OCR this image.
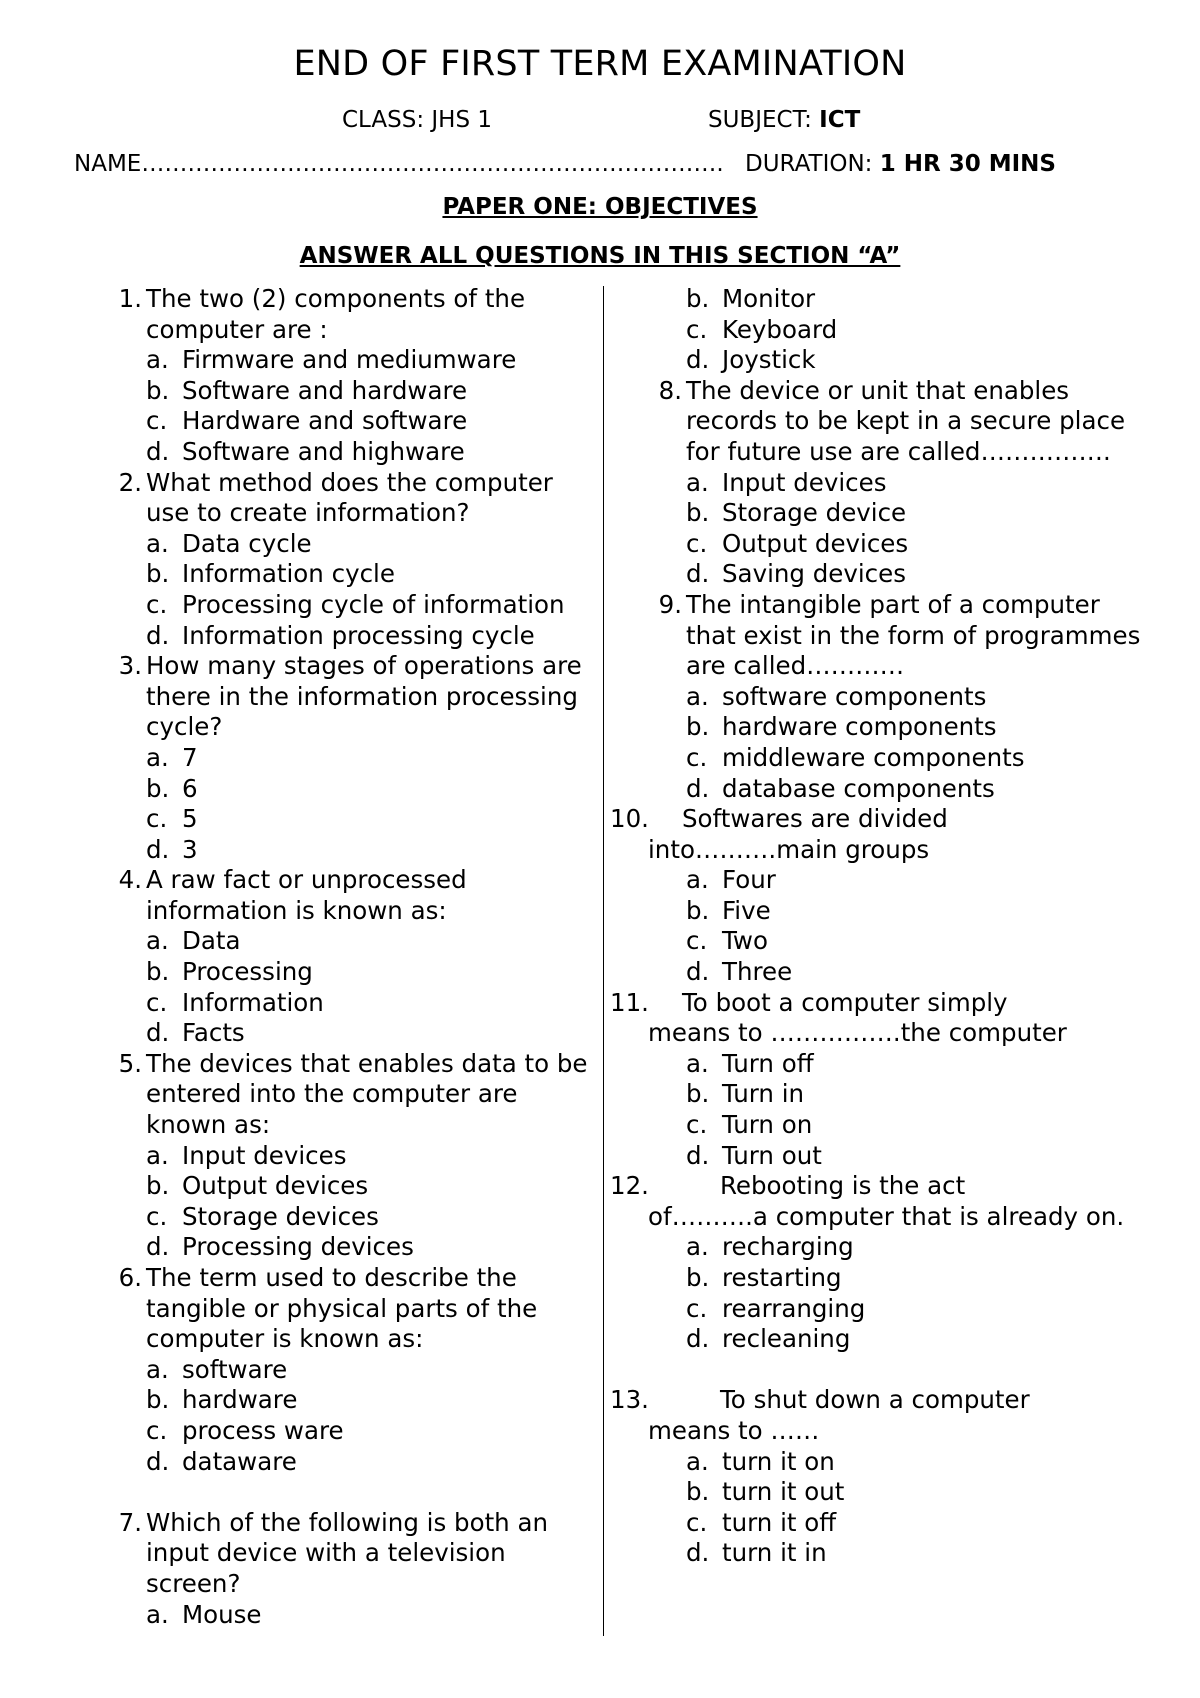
END OF FIRST TERM EXAMINATION
CLASS: JHS 1	SUBJECT: ICT
NAME…………………………………………………………………. DURATION: 1 HR 30 MINS
PAPER ONE: OBJECTIVES
ANSWER ALL QUESTIONS IN THIS SECTION “A”
1. The two (2) components of the computer are :
a. Firmware and mediumware
b. Software and hardware
c. Hardware and software
d. Software and highware
2. What method does the computer use to create information?
a. Data cycle
b. Information cycle
c. Processing cycle of information
d. Information processing cycle
3. How many stages of operations are there in the information processing cycle?
a. 7
b. 6
c. 5
d. 3
4. A raw fact or unprocessed information is known as:
a. Data
b. Processing
c. Information
d. Facts
5. The devices that enables data to be entered into the computer are known as:
a. Input devices
b. Output devices
c. Storage devices
d. Processing devices
6. The term used to describe the tangible or physical parts of the computer is known as:
a. software
b. hardware
c. process ware
d. dataware
7. Which of the following is both an input device with a television screen?
a. Mouse
b. Monitor
c. Keyboard
d. Joystick
8. The device or unit that enables records to be kept in a secure place for future use are called…………….
a. Input devices
b. Storage device
c. Output devices
d. Saving devices
9. The intangible part of a computer that exist in the form of programmes are called…………
a. software components
b. hardware components
c. middleware components
d. database components
10. Softwares are divided
into……….main groups
a. Four
b. Five
c. Two
d. Three
11. To boot a computer simply
means to …………….the computer
a. Turn off
b. Turn in
c. Turn on
d. Turn out
12.	Rebooting is the act
of……….a computer that is already on.
a. recharging
b. restarting
c. rearranging
d. recleaning
13.	To shut down a computer
means to ……
a. turn it on
b. turn it out
c. turn it off
d. turn it in
